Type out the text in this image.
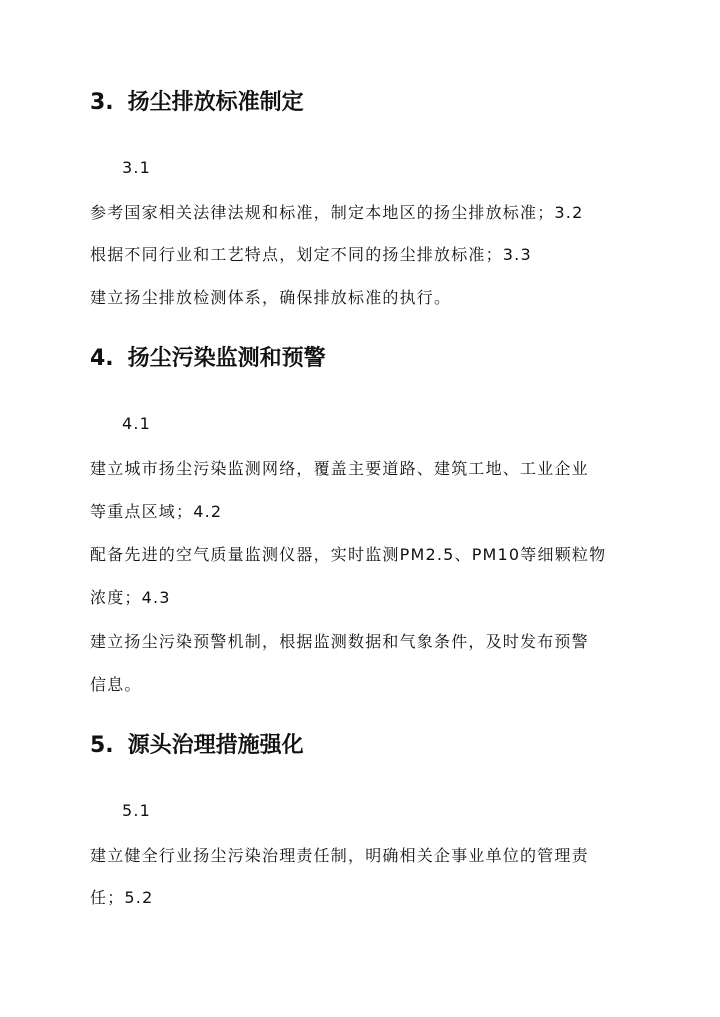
3. 扬尘排放标准制定
3.1
参考国家相关法律法规和标准，制定本地区的扬尘排放标准；3.2
根据不同行业和工艺特点，划定不同的扬尘排放标准；3.3
建立扬尘排放检测体系，确保排放标准的执行。
4. 扬尘污染监测和预警
4.1
建立城市扬尘污染监测网络，覆盖主要道路、建筑工地、工业企业
等重点区域；4.2
配备先进的空气质量监测仪器，实时监测PM2.5、PM10等细颗粒物
浓度；4.3
建立扬尘污染预警机制，根据监测数据和气象条件，及时发布预警
信息。
5. 源头治理措施强化
5.1
建立健全行业扬尘污染治理责任制，明确相关企事业单位的管理责
任；5.2
